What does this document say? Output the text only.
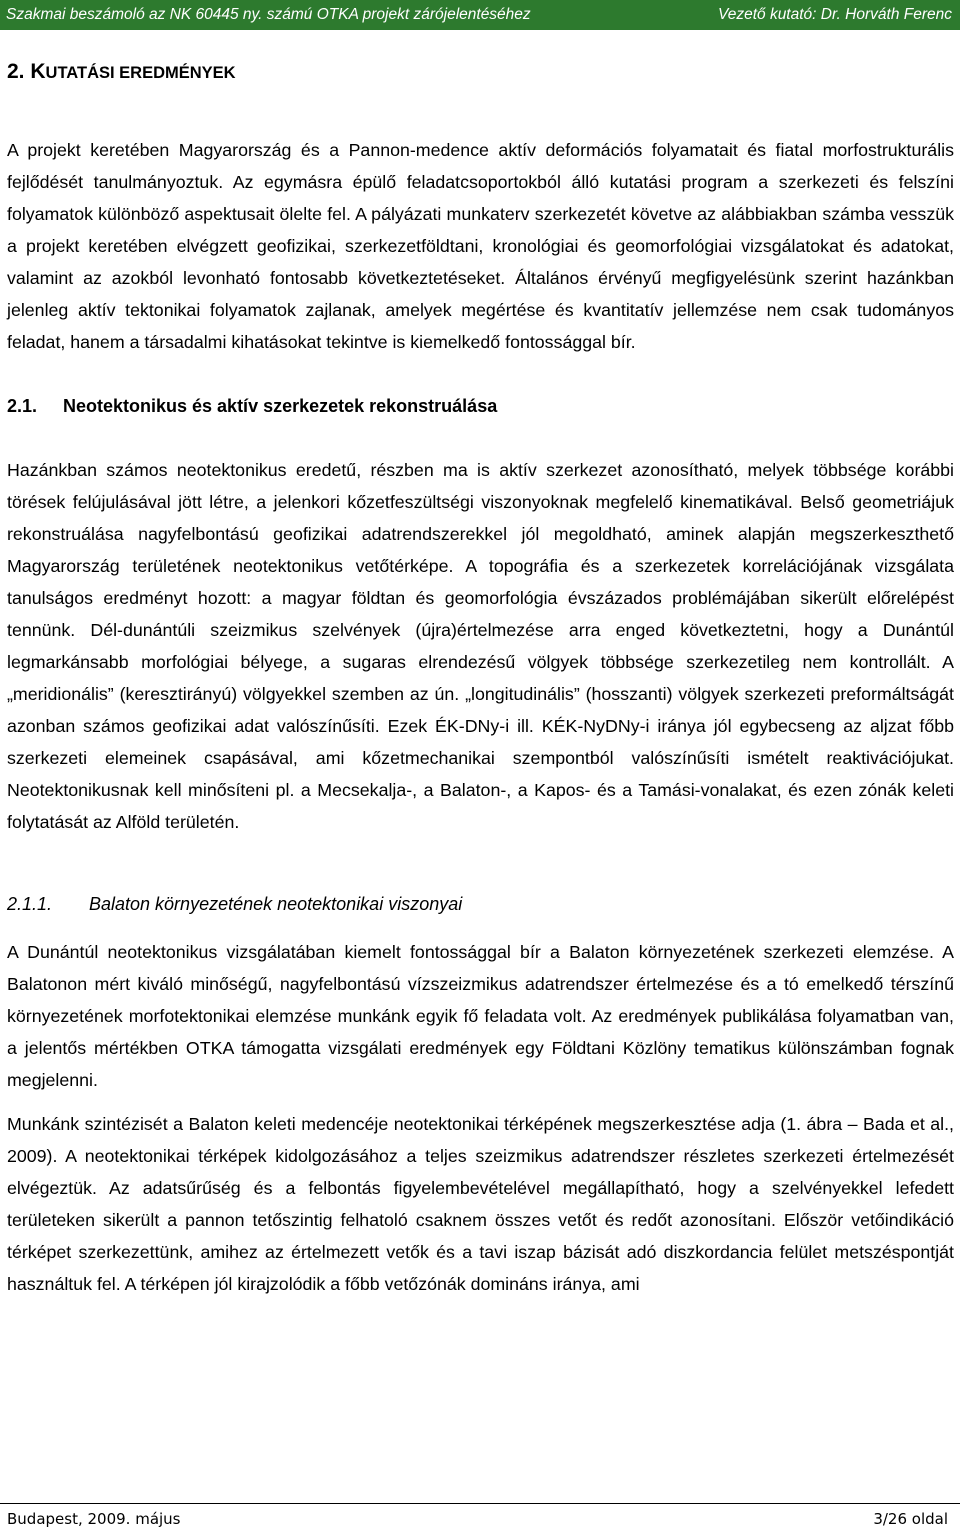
Szakmai beszámoló az NK 60445 ny. számú OTKA projekt zárójelentéséhez	Vezető kutató: Dr. Horváth Ferenc
2. KUTATÁSI EREDMÉNYEK

A projekt keretében Magyarország és a Pannon-medence aktív deformációs folyamatait és fiatal morfostrukturális fejlődését tanulmányoztuk. Az egymásra épülő feladatcsoportokból álló kutatási program a szerkezeti és felszíni folyamatok különböző aspektusait ölelte fel. A pályázati munkaterv szerkezetét követve az alábbiakban számba vesszük a projekt keretében elvégzett geofizikai, szerkezetföldtani, kronológiai és geomorfológiai vizsgálatokat és adatokat, valamint az azokból levonható fontosabb következtetéseket. Általános érvényű megfigyelésünk szerint hazánkban jelenleg aktív tektonikai folyamatok zajlanak, amelyek megértése és kvantitatív jellemzése nem csak tudományos feladat, hanem a társadalmi kihatásokat tekintve is kiemelkedő fontossággal bír.

2.1.	Neotektonikus és aktív szerkezetek rekonstruálása

Hazánkban számos neotektonikus eredetű, részben ma is aktív szerkezet azonosítható, melyek többsége korábbi törések felújulásával jött létre, a jelenkori kőzetfeszültségi viszonyoknak megfelelő kinematikával. Belső geometriájuk rekonstruálása nagyfelbontású geofizikai adatrendszerekkel jól megoldható, aminek alapján megszerkeszthető Magyarország területének neotektonikus vetőtérképe. A topográfia és a szerkezetek korrelációjának vizsgálata tanulságos eredményt hozott: a magyar földtan és geomorfológia évszázados problémájában sikerült előrelépést tennünk. Dél-dunántúli szeizmikus szelvények (újra)értelmezése arra enged következtetni, hogy a Dunántúl legmarkánsabb morfológiai bélyege, a sugaras elrendezésű völgyek többsége szerkezetileg nem kontrollált. A „meridionális” (keresztirányú) völgyekkel szemben az ún. „longitudinális” (hosszanti) völgyek szerkezeti preformáltságát azonban számos geofizikai adat valószínűsíti. Ezek ÉK-DNy-i ill. KÉK-NyDNy-i iránya jól egybecseng az aljzat főbb szerkezeti elemeinek csapásával, ami kőzetmechanikai szempontból valószínűsíti ismételt reaktivációjukat. Neotektonikusnak kell minősíteni pl. a Mecsekalja-, a Balaton-, a Kapos- és a Tamási-vonalakat, és ezen zónák keleti folytatását az Alföld területén.

2.1.1.	Balaton környezetének neotektonikai viszonyai

A Dunántúl neotektonikus vizsgálatában kiemelt fontossággal bír a Balaton környezetének szerkezeti elemzése. A Balatonon mért kiváló minőségű, nagyfelbontású vízszeizmikus adatrendszer értelmezése és a tó emelkedő térszínű környezetének morfotektonikai elemzése munkánk egyik fő feladata volt. Az eredmények publikálása folyamatban van, a jelentős mértékben OTKA támogatta vizsgálati eredmények egy Földtani Közlöny tematikus különszámban fognak megjelenni.

Munkánk szintézisét a Balaton keleti medencéje neotektonikai térképének megszerkesztése adja (1. ábra – Bada et al., 2009). A neotektonikai térképek kidolgozásához a teljes szeizmikus adatrendszer részletes szerkezeti értelmezését elvégeztük. Az adatsűrűség és a felbontás figyelembevételével megállapítható, hogy a szelvényekkel lefedett területeken sikerült a pannon tetőszintig felhatoló csaknem összes vetőt és redőt azonosítani. Először vetőindikáció térképet szerkezettünk, amihez az értelmezett vetők és a tavi iszap bázisát adó diszkordancia felület metszéspontját használtuk fel. A térképen jól kirajzolódik a főbb vetőzónák domináns iránya, ami

Budapest, 2009. május	3/26 oldal
